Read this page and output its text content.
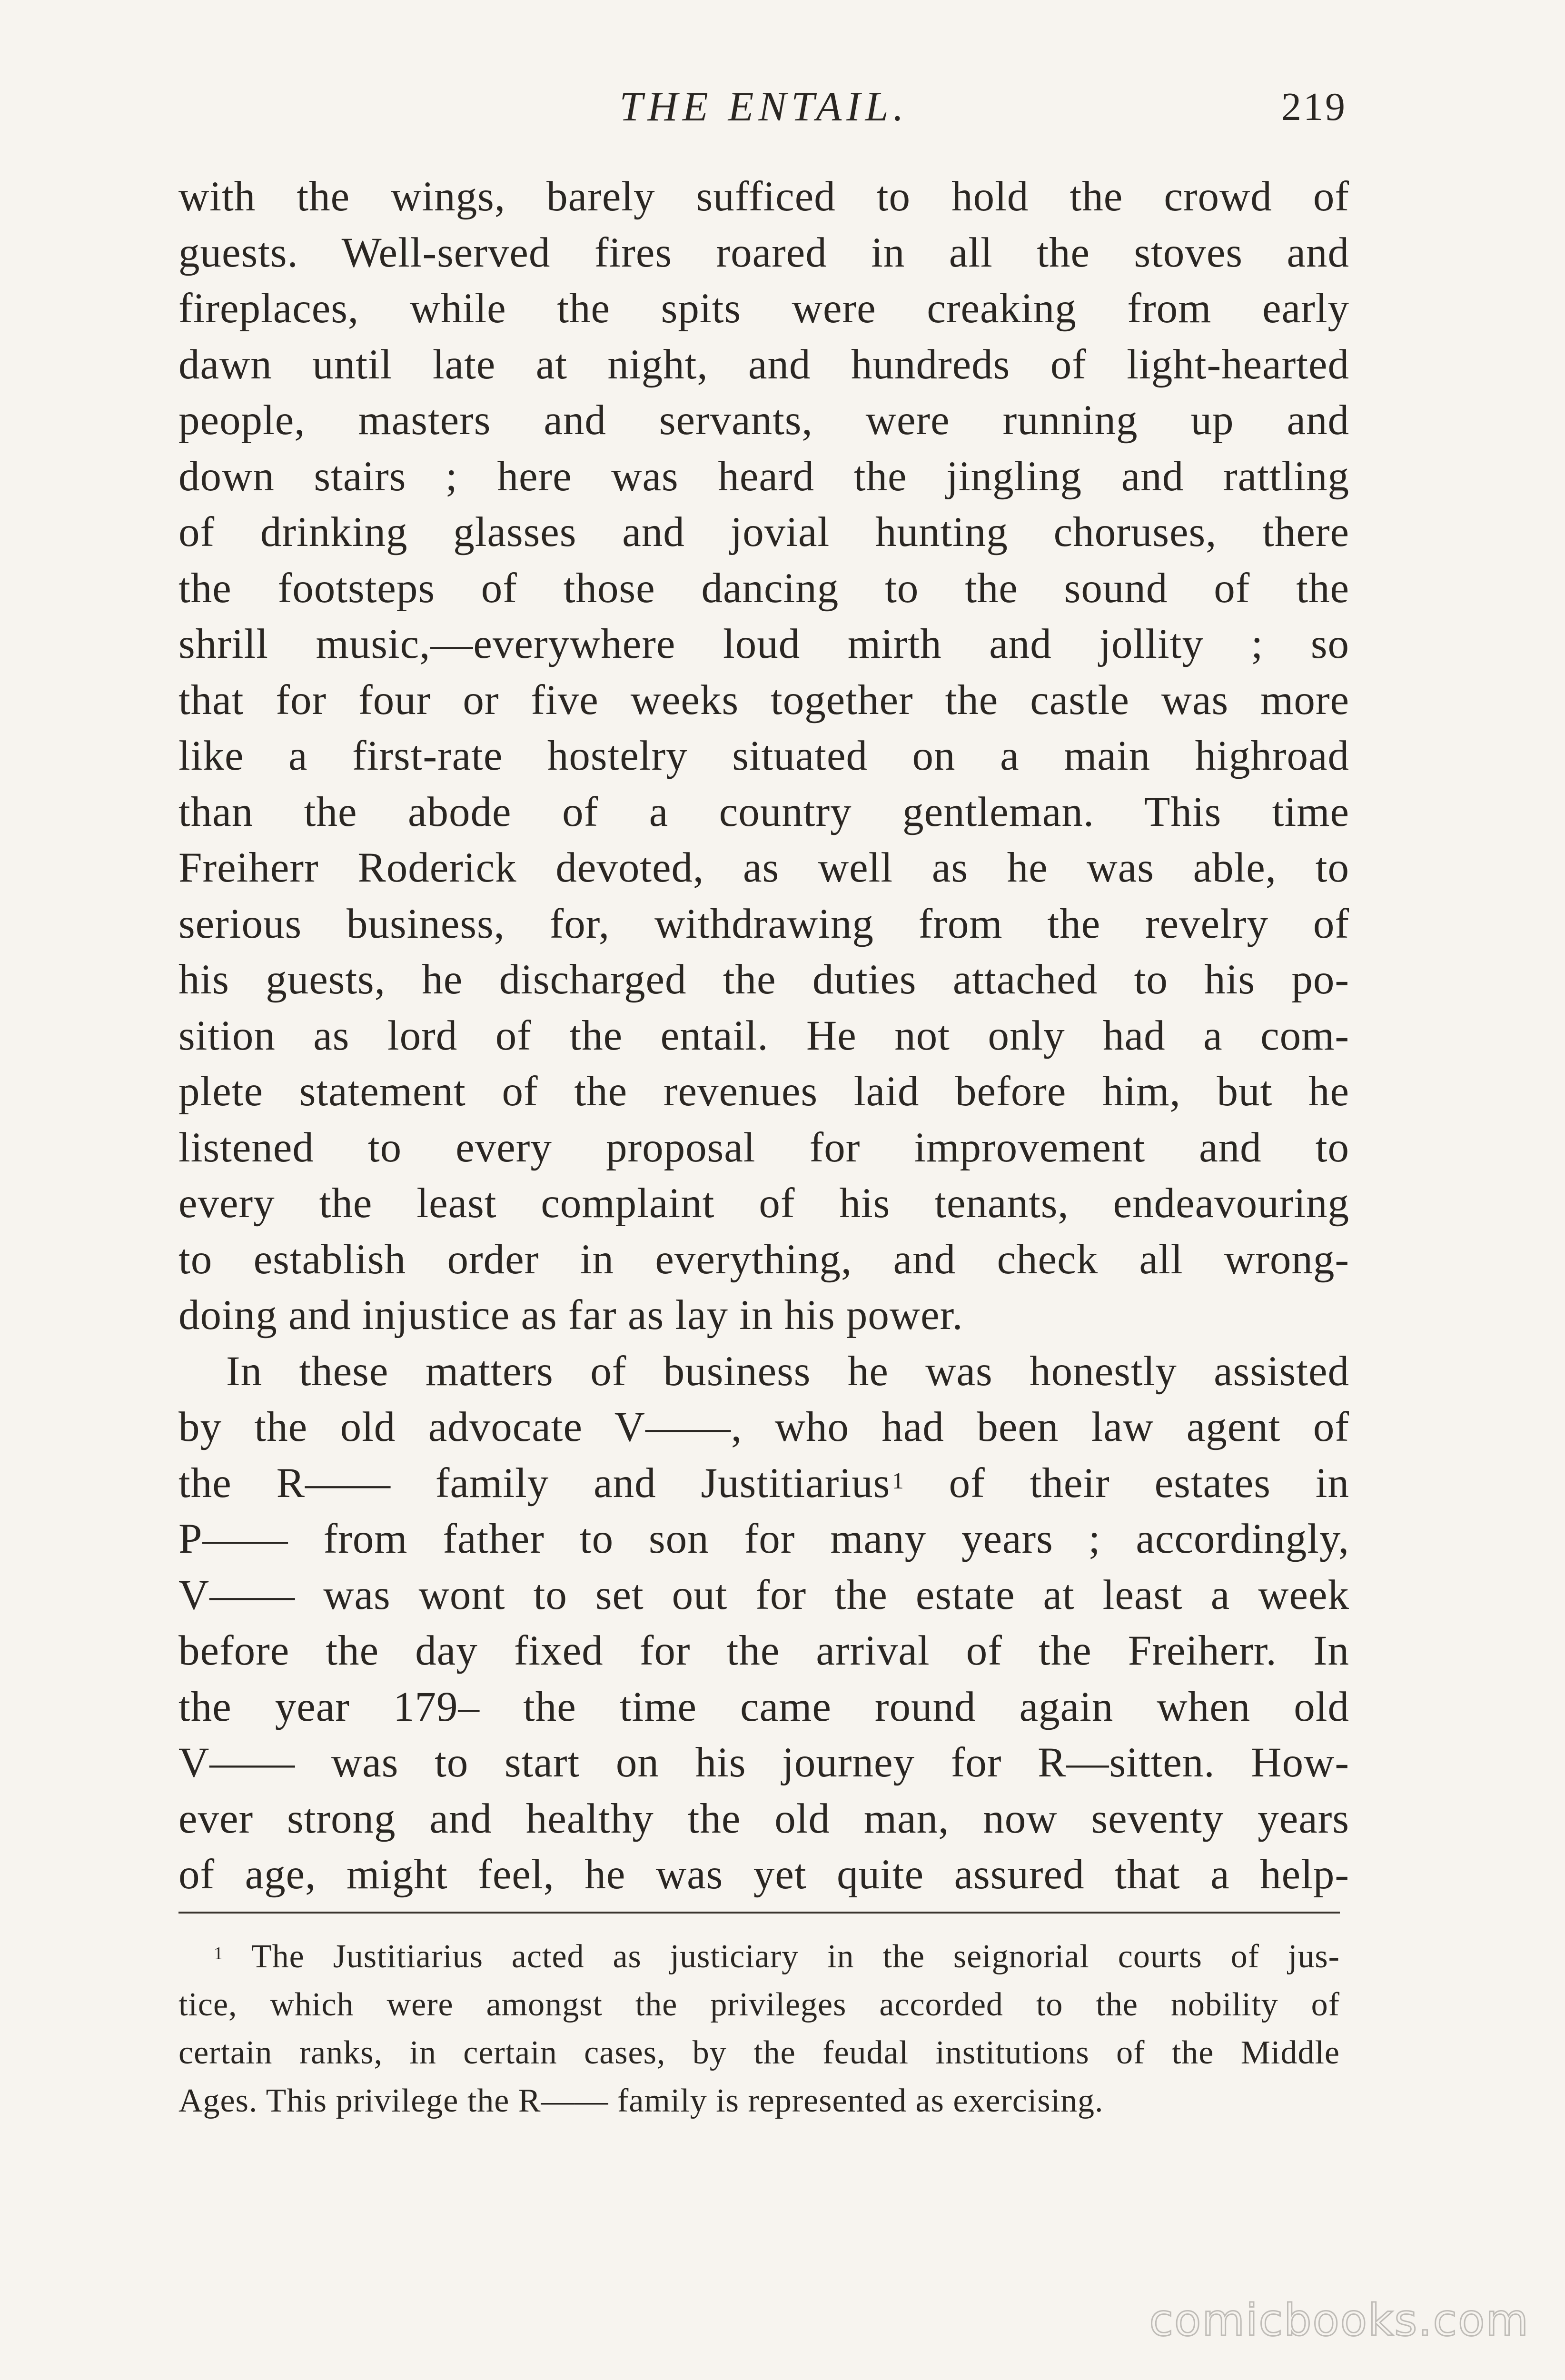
THE ENTAIL.	219
with the wings, barely sufficed to hold the crowd of
guests. Well-served fires roared in all the stoves and
fireplaces, while the spits were creaking from early
dawn until late at night, and hundreds of light-hearted
people, masters and servants, were running up and
down stairs ; here was heard the jingling and rattling
of drinking glasses and jovial hunting choruses, there
the footsteps of those dancing to the sound of the
shrill music,—everywhere loud mirth and jollity ; so
that for four or five weeks together the castle was more
like a first-rate hostelry situated on a main highroad
than the abode of a country gentleman. This time
Freiherr Roderick devoted, as well as he was able, to
serious business, for, withdrawing from the revelry of
his guests, he discharged the duties attached to his po-
sition as lord of the entail. He not only had a com-
plete statement of the revenues laid before him, but he
listened to every proposal for improvement and to
every the least complaint of his tenants, endeavouring
to establish order in everything, and check all wrong-
doing and injustice as far as lay in his power.
In these matters of business he was honestly assisted
by the old advocate V——, who had been law agent of
the R—— family and Justitiarius$^1$ of their estates in
P—— from father to son for many years ; accordingly,
V—— was wont to set out for the estate at least a week
before the day fixed for the arrival of the Freiherr. In
the year 179– the time came round again when old
V—— was to start on his journey for R—sitten. How-
ever strong and healthy the old man, now seventy years
of age, might feel, he was yet quite assured that a help-
$^1$ The Justitiarius acted as justiciary in the seignorial courts of jus-
tice, which were amongst the privileges accorded to the nobility of
certain ranks, in certain cases, by the feudal institutions of the Middle
Ages. This privilege the R—— family is represented as exercising.
comicbooks.com
